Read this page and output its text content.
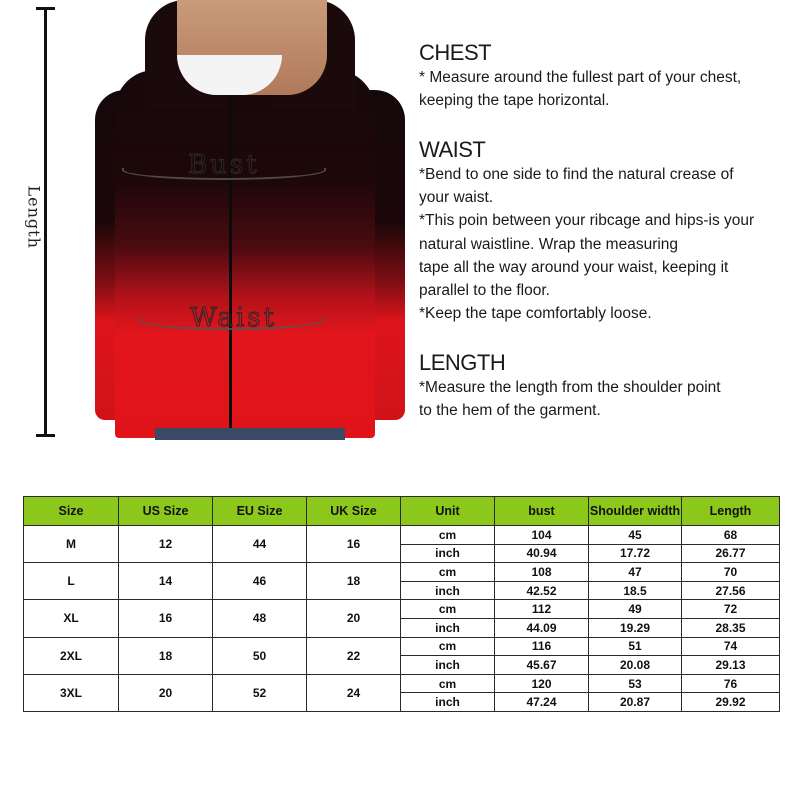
Length
Bust
Waist
CHEST

* Measure around the fullest part of your chest,

keeping the tape horizontal.

WAIST

*Bend to one side to find the natural crease of

your waist.

*This poin between your ribcage and hips-is your

natural waistline. Wrap the measuring

tape all the way around your waist, keeping it

parallel to the floor.

*Keep the tape comfortably loose.

LENGTH

*Measure the length from the shoulder point

to the hem of the garment.

Size	US Size	EU Size	UK Size	Unit	bust	Shoulder width	Length
M	12	44	16	cm	104	45	68
				inch	40.94	17.72	26.77
L	14	46	18	cm	108	47	70
				inch	42.52	18.5	27.56
XL	16	48	20	cm	112	49	72
				inch	44.09	19.29	28.35
2XL	18	50	22	cm	116	51	74
				inch	45.67	20.08	29.13
3XL	20	52	24	cm	120	53	76
				inch	47.24	20.87	29.92
